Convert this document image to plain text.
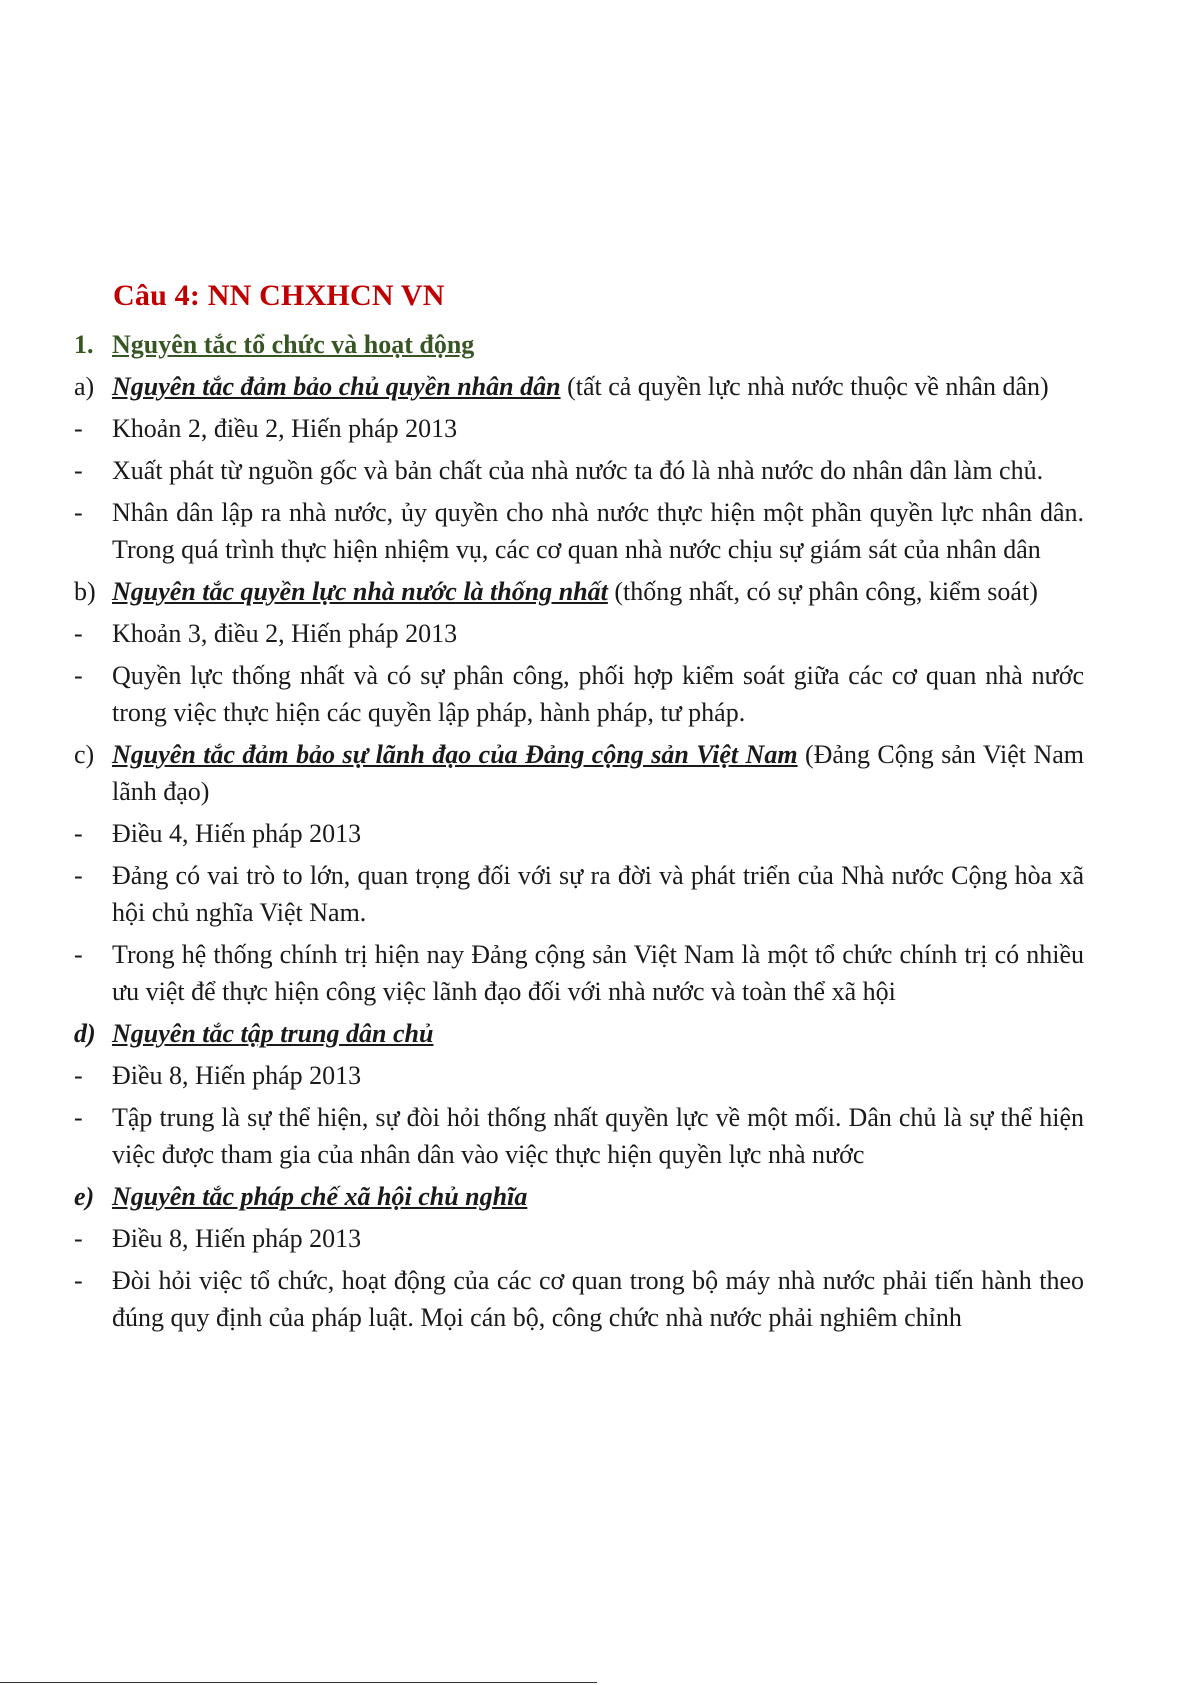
Câu 4: NN CHXHCN VN
1. Nguyên tắc tổ chức và hoạt động
a) Nguyên tắc đảm bảo chủ quyền nhân dân (tất cả quyền lực nhà nước thuộc về nhân dân)
-	Khoản 2, điều 2, Hiến pháp 2013
-	Xuất phát từ nguồn gốc và bản chất của nhà nước ta đó là nhà nước do nhân dân làm chủ.
-	Nhân dân lập ra nhà nước, ủy quyền cho nhà nước thực hiện một phần quyền lực nhân dân. Trong quá trình thực hiện nhiệm vụ, các cơ quan nhà nước chịu sự giám sát của nhân dân
b) Nguyên tắc quyền lực nhà nước là thống nhất (thống nhất, có sự phân công, kiểm soát)
-	Khoản 3, điều 2, Hiến pháp 2013
-	Quyền lực thống nhất và có sự phân công, phối hợp kiểm soát giữa các cơ quan nhà nước trong việc thực hiện các quyền lập pháp, hành pháp, tư pháp.
c) Nguyên tắc đảm bảo sự lãnh đạo của Đảng cộng sản Việt Nam (Đảng Cộng sản Việt Nam lãnh đạo)
-	Điều 4, Hiến pháp 2013
-	Đảng có vai trò to lớn, quan trọng đối với sự ra đời và phát triển của Nhà nước Cộng hòa xã hội chủ nghĩa Việt Nam.
-	Trong hệ thống chính trị hiện nay Đảng cộng sản Việt Nam là một tổ chức chính trị có nhiều ưu việt để thực hiện công việc lãnh đạo đối với nhà nước và toàn thể xã hội
d) Nguyên tắc tập trung dân chủ
-	Điều 8, Hiến pháp 2013
-	Tập trung là sự thể hiện, sự đòi hỏi thống nhất quyền lực về một mối. Dân chủ là sự thể hiện việc được tham gia của nhân dân vào việc thực hiện quyền lực nhà nước
e) Nguyên tắc pháp chế xã hội chủ nghĩa
-	Điều 8, Hiến pháp 2013
-	Đòi hỏi việc tổ chức, hoạt động của các cơ quan trong bộ máy nhà nước phải tiến hành theo đúng quy định của pháp luật. Mọi cán bộ, công chức nhà nước phải nghiêm chỉnh
